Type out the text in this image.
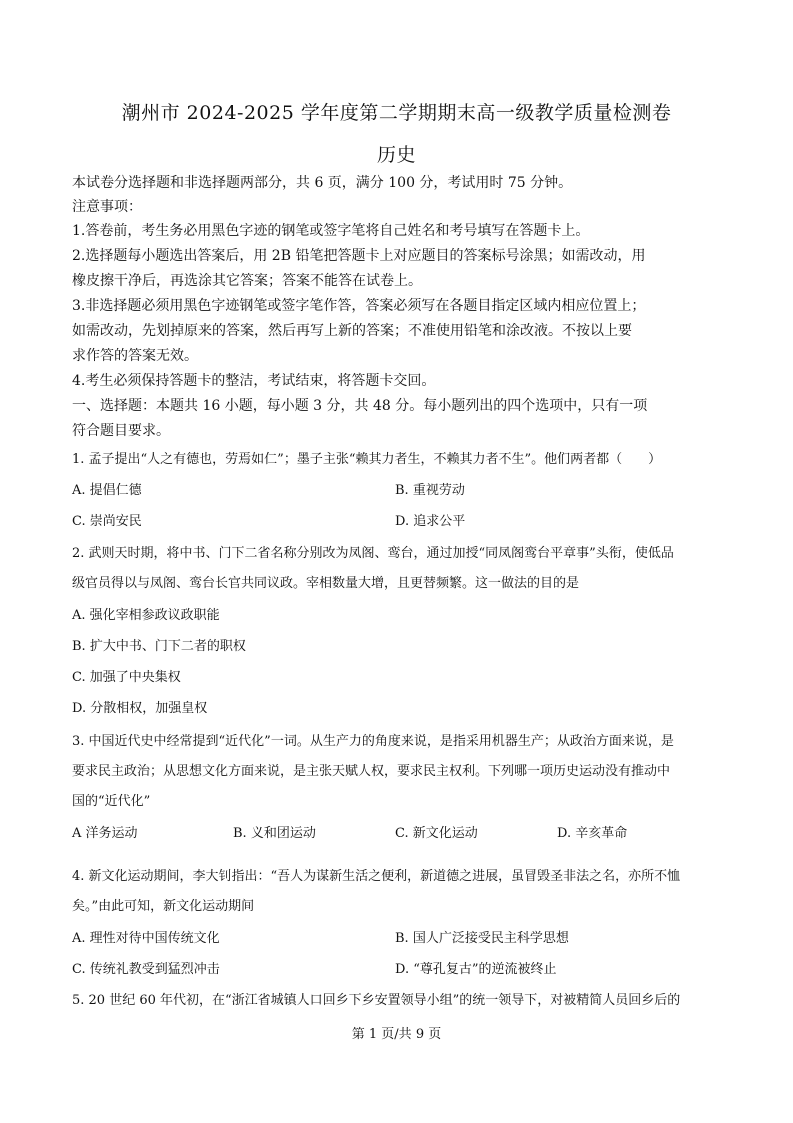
潮州市 2024-2025 学年度第二学期期末高一级教学质量检测卷
历史
本试卷分选择题和非选择题两部分，共 6 页，满分 100 分，考试用时 75 分钟。
注意事项：
1.答卷前，考生务必用黑色字迹的钢笔或签字笔将自己姓名和考号填写在答题卡上。
2.选择题每小题选出答案后，用 2B 铅笔把答题卡上对应题目的答案标号涂黑；如需改动，用
橡皮擦干净后，再选涂其它答案；答案不能答在试卷上。
3.非选择题必须用黑色字迹钢笔或签字笔作答，答案必须写在各题目指定区域内相应位置上；
如需改动，先划掉原来的答案，然后再写上新的答案；不准使用铅笔和涂改液。不按以上要
求作答的答案无效。
4.考生必须保持答题卡的整洁，考试结束，将答题卡交回。
一、选择题：本题共 16 小题，每小题 3 分，共 48 分。每小题列出的四个选项中，只有一项
符合题目要求。
1. 孟子提出“人之有德也，劳焉如仁”；墨子主张“赖其力者生，不赖其力者不生”。他们两者都（　　）
A. 提倡仁德	B. 重视劳动
C. 崇尚安民	D. 追求公平
2. 武则天时期，将中书、门下二省名称分别改为凤阁、鸾台，通过加授“同凤阁鸾台平章事”头衔，使低品
级官员得以与凤阁、鸾台长官共同议政。宰相数量大增，且更替频繁。这一做法的目的是
A. 强化宰相参政议政职能
B. 扩大中书、门下二者的职权
C. 加强了中央集权
D. 分散相权，加强皇权
3. 中国近代史中经常提到“近代化”一词。从生产力的角度来说，是指采用机器生产；从政治方面来说，是
要求民主政治；从思想文化方面来说，是主张天赋人权，要求民主权利。下列哪一项历史运动没有推动中
国的“近代化”
A 洋务运动	B. 义和团运动	C. 新文化运动	D. 辛亥革命
4. 新文化运动期间，李大钊指出：“吾人为谋新生活之便利，新道德之进展，虽冒毁圣非法之名，亦所不恤
矣。”由此可知，新文化运动期间
A. 理性对待中国传统文化	B. 国人广泛接受民主科学思想
C. 传统礼教受到猛烈冲击	D. “尊孔复古”的逆流被终止
5. 20 世纪 60 年代初，在“浙江省城镇人口回乡下乡安置领导小组”的统一领导下，对被精简人员回乡后的
第 1 页/共 9 页
